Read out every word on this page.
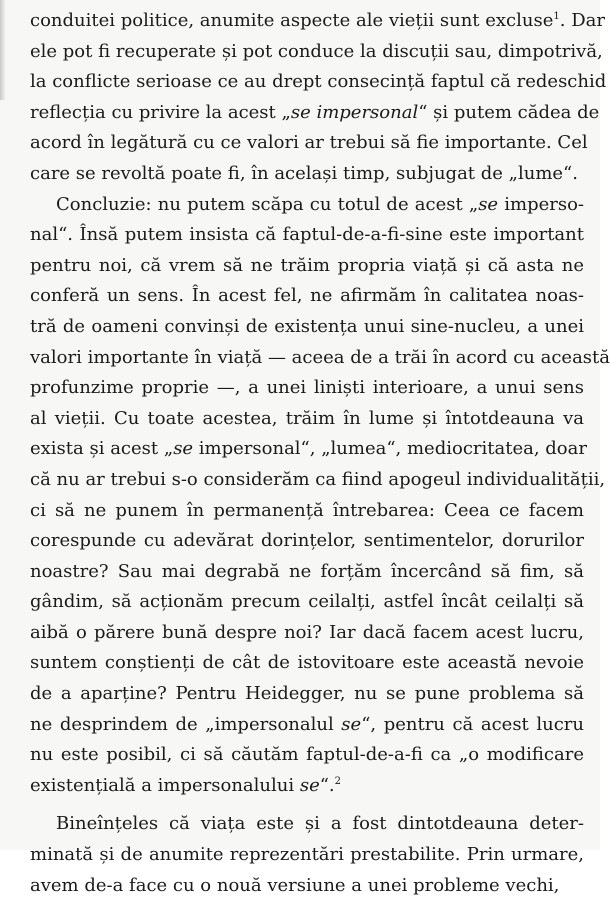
conduitei politice, anumite aspecte ale vieții sunt excluse$^1$. Dar
ele pot fi recuperate și pot conduce la discuții sau, dimpotrivă,
la conflicte serioase ce au drept consecință faptul că redeschid
reflecția cu privire la acest „se impersonal“ și putem cădea de
acord în legătură cu ce valori ar trebui să fie importante. Cel
care se revoltă poate fi, în același timp, subjugat de „lume“.
Concluzie: nu putem scăpa cu totul de acest „se imperso-
nal“. Însă putem insista că faptul-de-a-fi-sine este important
pentru noi, că vrem să ne trăim propria viață și că asta ne
conferă un sens. În acest fel, ne afirmăm în calitatea noas-
tră de oameni convinși de existența unui sine-nucleu, a unei
valori importante în viață — aceea de a trăi în acord cu această
profunzime proprie —, a unei liniști interioare, a unui sens
al vieții. Cu toate acestea, trăim în lume și întotdeauna va
exista și acest „se impersonal“, „lumea“, mediocritatea, doar
că nu ar trebui s-o considerăm ca fiind apogeul individualității,
ci să ne punem în permanență întrebarea: Ceea ce facem
corespunde cu adevărat dorințelor, sentimentelor, dorurilor
noastre? Sau mai degrabă ne forțăm încercând să fim, să
gândim, să acționăm precum ceilalți, astfel încât ceilalți să
aibă o părere bună despre noi? Iar dacă facem acest lucru,
suntem conștienți de cât de istovitoare este această nevoie
de a aparține? Pentru Heidegger, nu se pune problema să
ne desprindem de „impersonalul se“, pentru că acest lucru
nu este posibil, ci să căutăm faptul-de-a-fi ca „o modificare
existențială a impersonalului se“.$^2$
Bineînțeles că viața este și a fost dintotdeauna deter-
minată și de anumite reprezentări prestabilite. Prin urmare,
avem de-a face cu o nouă versiune a unei probleme vechi,
